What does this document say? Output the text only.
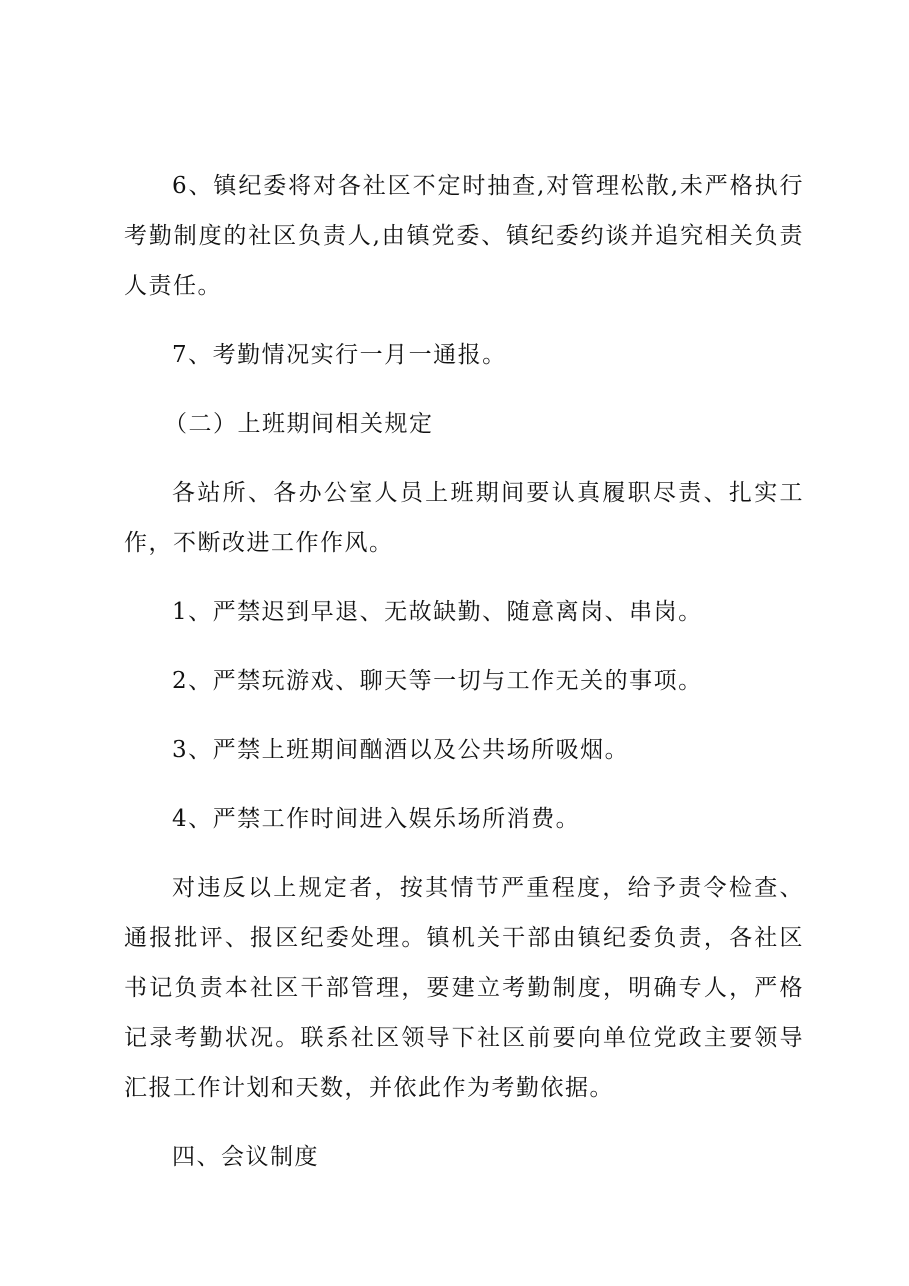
6、镇纪委将对各社区不定时抽查,对管理松散,未严格执行考勤制度的社区负责人,由镇党委、镇纪委约谈并追究相关负责人责任。

7、考勤情况实行一月一通报。

（二）上班期间相关规定

各站所、各办公室人员上班期间要认真履职尽责、扎实工作，不断改进工作作风。

1、严禁迟到早退、无故缺勤、随意离岗、串岗。

2、严禁玩游戏、聊天等一切与工作无关的事项。

3、严禁上班期间酗酒以及公共场所吸烟。

4、严禁工作时间进入娱乐场所消费。

对违反以上规定者，按其情节严重程度，给予责令检查、通报批评、报区纪委处理。镇机关干部由镇纪委负责，各社区书记负责本社区干部管理，要建立考勤制度，明确专人，严格记录考勤状况。联系社区领导下社区前要向单位党政主要领导汇报工作计划和天数，并依此作为考勤依据。

四、会议制度
